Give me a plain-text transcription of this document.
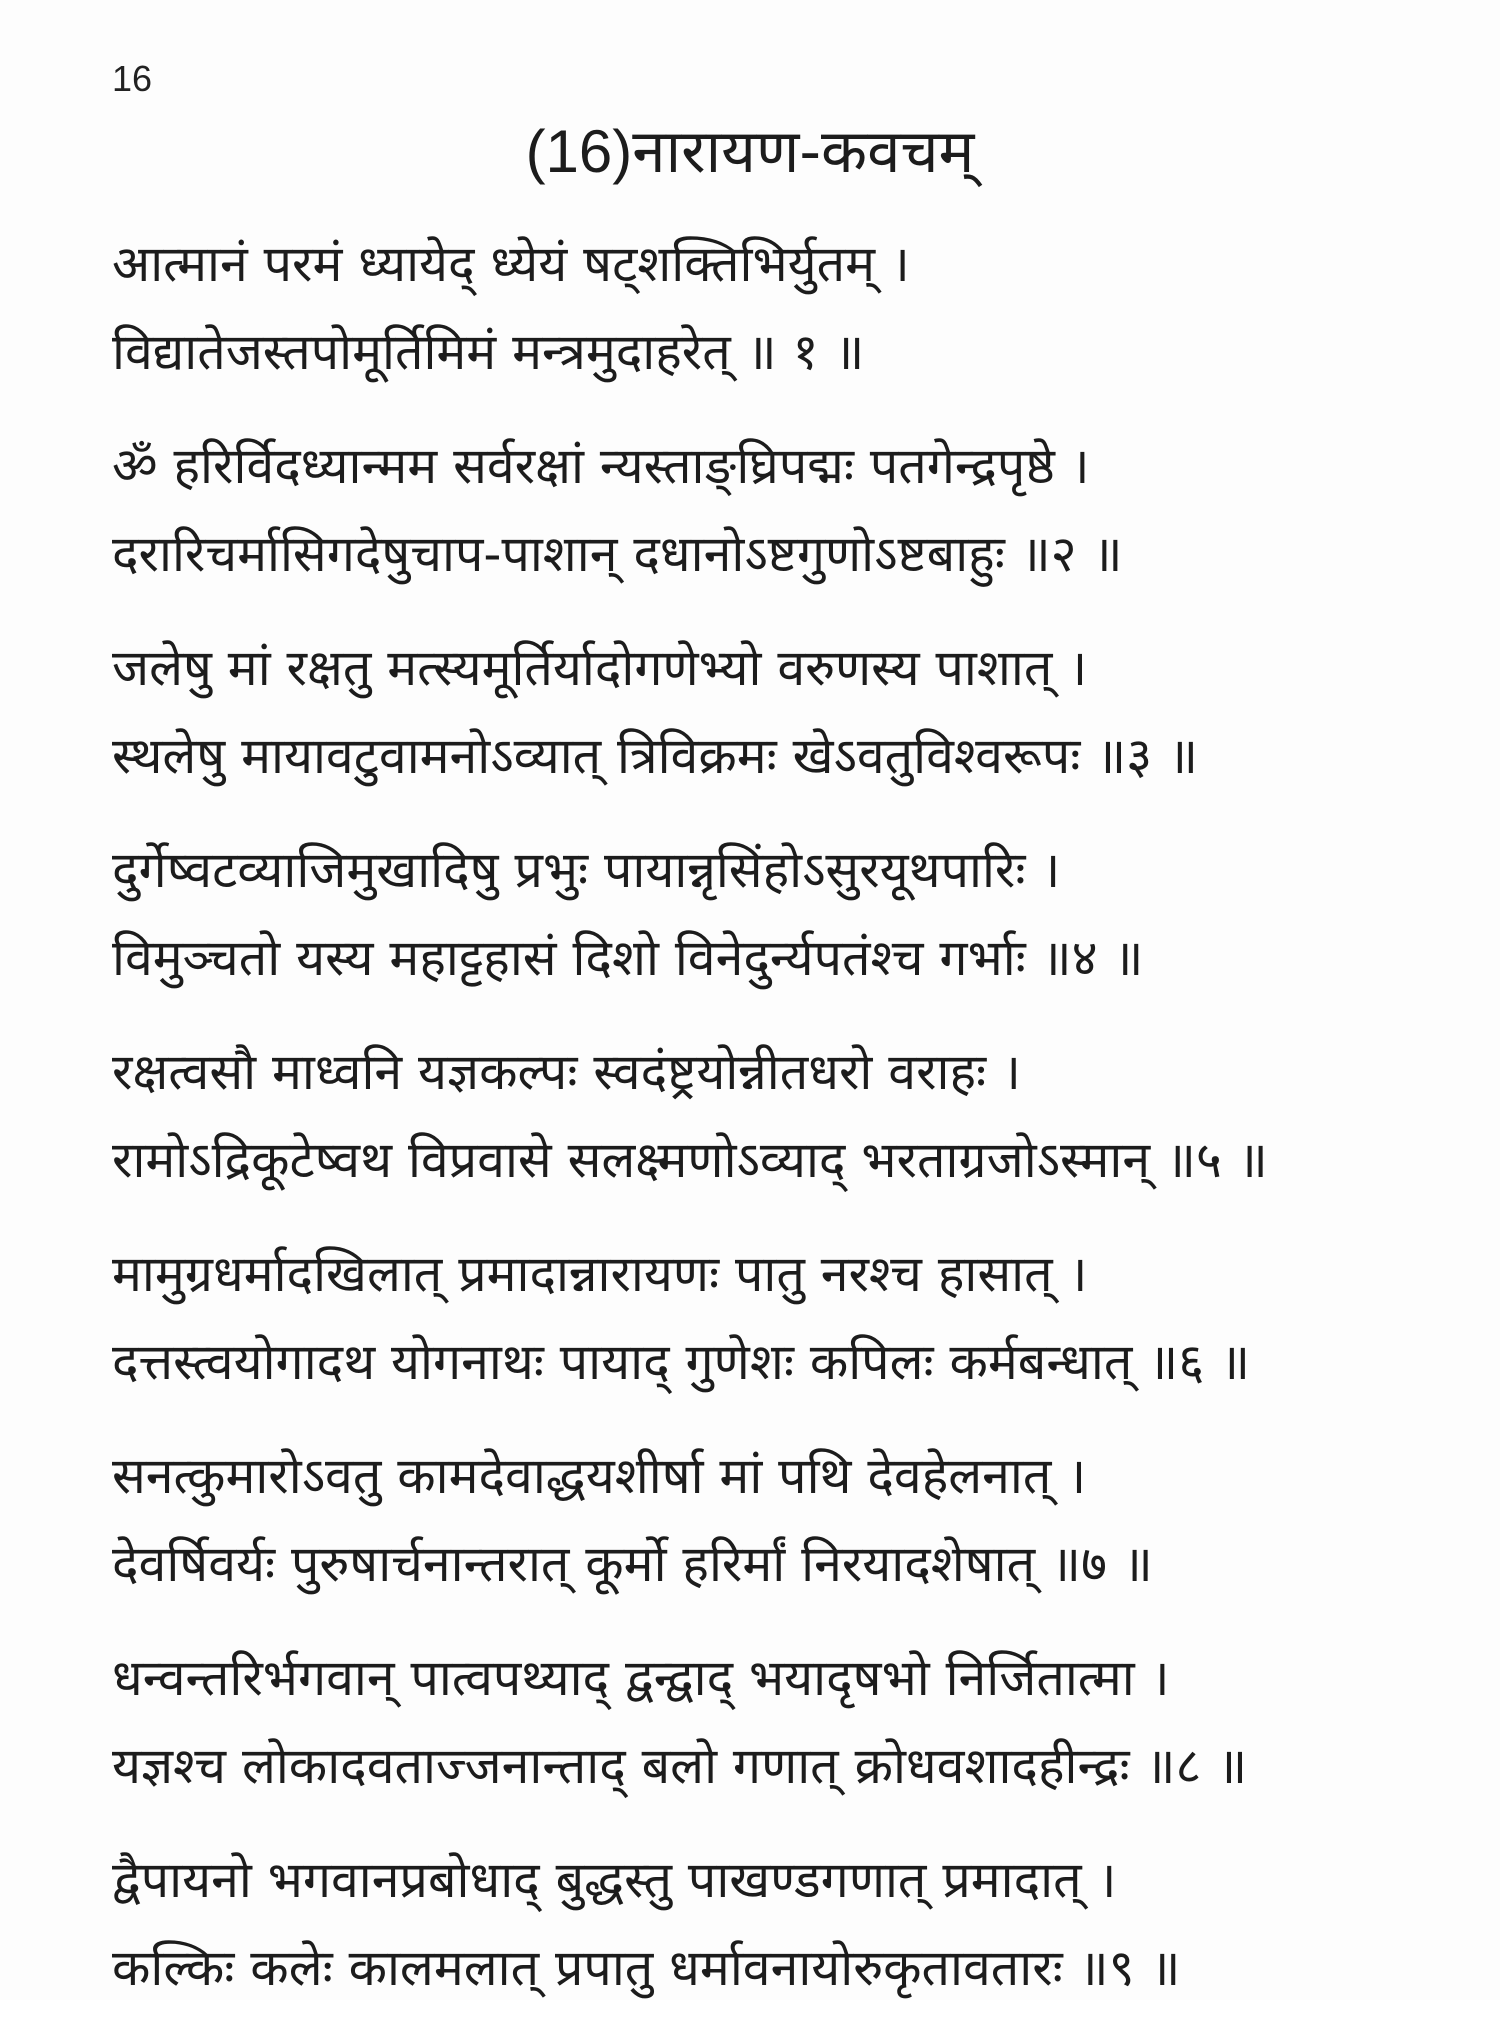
16
(16)नारायण-कवचम्
आत्मानं परमं ध्यायेद् ध्येयं षट्शक्तिभिर्युतम् ।
विद्यातेजस्तपोमूर्तिमिमं मन्त्रमुदाहरेत् ॥ १ ॥
ॐ हरिर्विदध्यान्मम सर्वरक्षां न्यस्ताङ्घ्रिपद्मः पतगेन्द्रपृष्ठे ।
दरारिचर्मासिगदेषुचाप-पाशान् दधानोऽष्टगुणोऽष्टबाहुः ॥२ ॥
जलेषु मां रक्षतु मत्स्यमूर्तिर्यादोगणेभ्यो वरुणस्य पाशात् ।
स्थलेषु मायावटुवामनोऽव्यात् त्रिविक्रमः खेऽवतुविश्वरूपः ॥३ ॥
दुर्गेष्वटव्याजिमुखादिषु प्रभुः पायान्नृसिंहोऽसुरयूथपारिः ।
विमुञ्चतो यस्य महाट्टहासं दिशो विनेदुर्न्यपतंश्च गर्भाः ॥४ ॥
रक्षत्वसौ माध्वनि यज्ञकल्पः स्वदंष्ट्रयोन्नीतधरो वराहः ।
रामोऽद्रिकूटेष्वथ विप्रवासे सलक्ष्मणोऽव्याद् भरताग्रजोऽस्मान् ॥५ ॥
मामुग्रधर्मादखिलात् प्रमादान्नारायणः पातु नरश्च हासात् ।
दत्तस्त्वयोगादथ योगनाथः पायाद् गुणेशः कपिलः कर्मबन्धात् ॥६ ॥
सनत्कुमारोऽवतु कामदेवाद्धयशीर्षा मां पथि देवहेलनात् ।
देवर्षिवर्यः पुरुषार्चनान्तरात् कूर्मो हरिर्मां निरयादशेषात् ॥७ ॥
धन्वन्तरिर्भगवान् पात्वपथ्याद् द्वन्द्वाद् भयादृषभो निर्जितात्मा ।
यज्ञश्च लोकादवताज्जनान्ताद् बलो गणात् क्रोधवशादहीन्द्रः ॥८ ॥
द्वैपायनो भगवानप्रबोधाद् बुद्धस्तु पाखण्डगणात् प्रमादात् ।
कल्किः कलेः कालमलात् प्रपातु धर्मावनायोरुकृतावतारः ॥९ ॥
